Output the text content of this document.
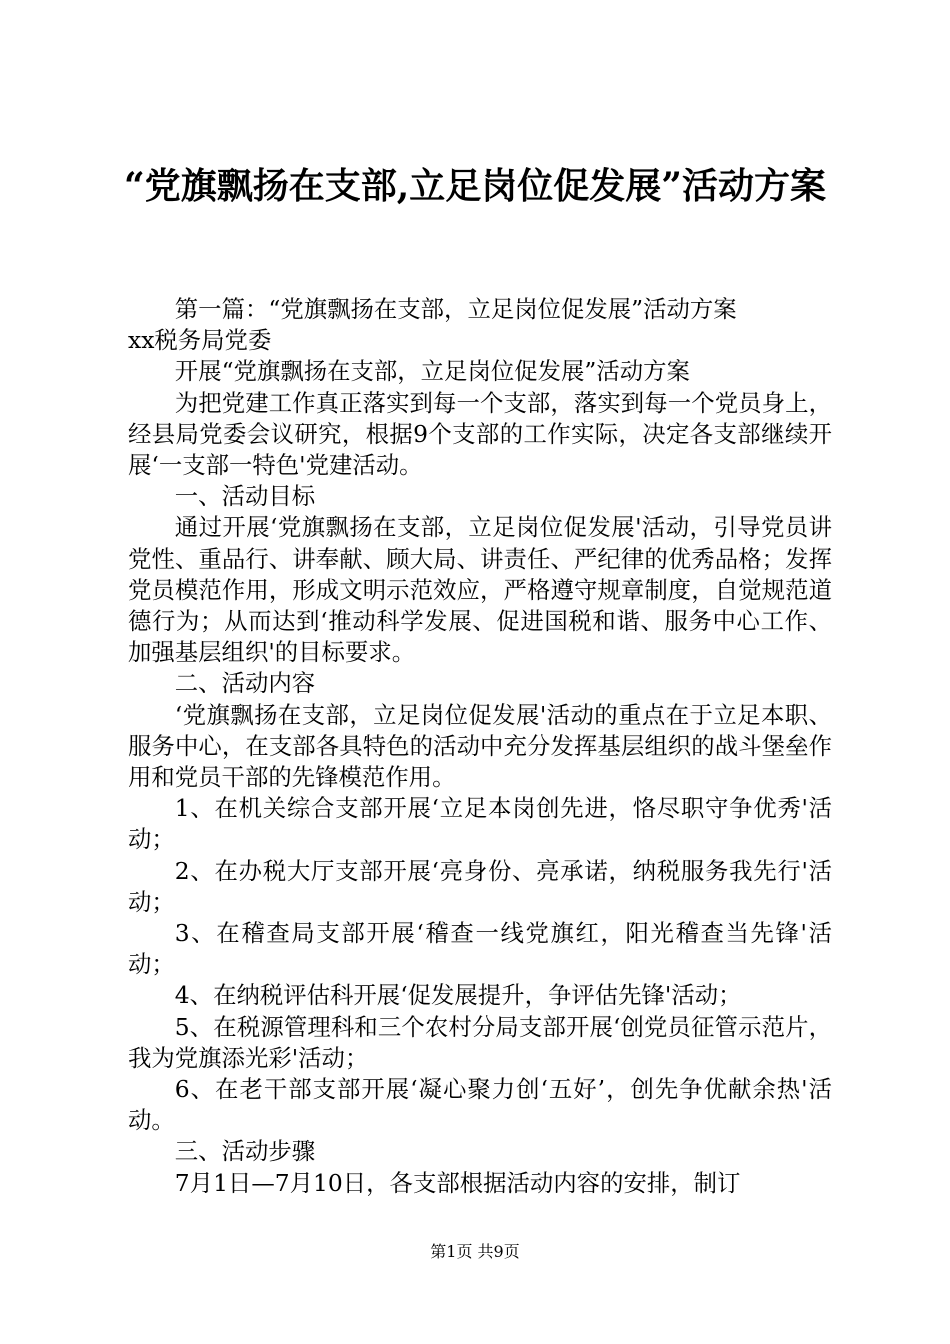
“党旗飘扬在支部,立足岗位促发展”活动方案

第一篇：“党旗飘扬在支部，立足岗位促发展”活动方案

xx税务局党委

开展“党旗飘扬在支部，立足岗位促发展”活动方案

为把党建工作真正落实到每一个支部，落实到每一个党员身上，经县局党委会议研究，根据9个支部的工作实际，决定各支部继续开展‘一支部一特色'党建活动。

一、活动目标

通过开展‘党旗飘扬在支部，立足岗位促发展'活动，引导党员讲党性、重品行、讲奉献、顾大局、讲责任、严纪律的优秀品格；发挥党员模范作用，形成文明示范效应，严格遵守规章制度，自觉规范道德行为；从而达到‘推动科学发展、促进国税和谐、服务中心工作、加强基层组织'的目标要求。

二、活动内容

‘党旗飘扬在支部，立足岗位促发展'活动的重点在于立足本职、服务中心，在支部各具特色的活动中充分发挥基层组织的战斗堡垒作用和党员干部的先锋模范作用。

1、在机关综合支部开展‘立足本岗创先进，恪尽职守争优秀'活动；

2、在办税大厅支部开展‘亮身份、亮承诺，纳税服务我先行'活动；

3、在稽查局支部开展‘稽查一线党旗红，阳光稽查当先锋'活动；

4、在纳税评估科开展‘促发展提升，争评估先锋'活动；

5、在税源管理科和三个农村分局支部开展‘创党员征管示范片，我为党旗添光彩'活动；

6、在老干部支部开展‘凝心聚力创‘五好’，创先争优献余热'活动。

三、活动步骤

7月1日—7月10日，各支部根据活动内容的安排，制订

第1页 共9页
